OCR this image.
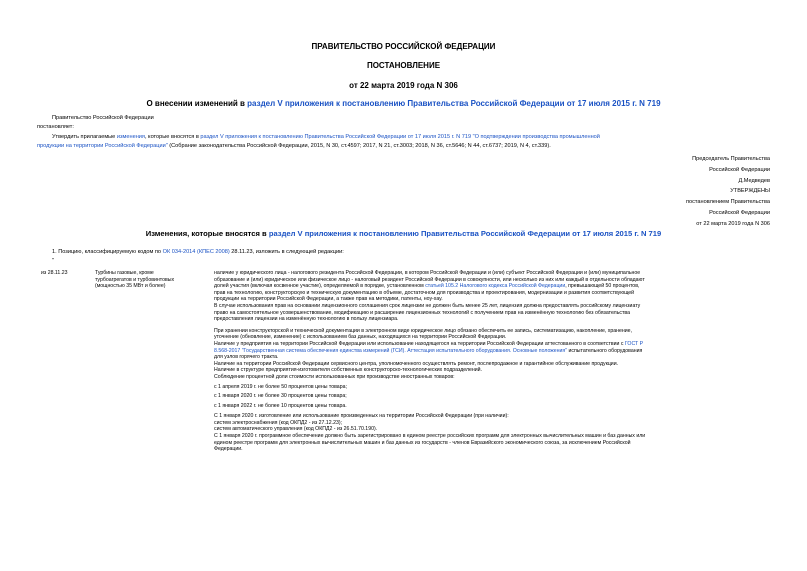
ПРАВИТЕЛЬСТВО РОССИЙСКОЙ ФЕДЕРАЦИИ
ПОСТАНОВЛЕНИЕ
от 22 марта 2019 года N 306
О внесении изменений в раздел V приложения к постановлению Правительства Российской Федерации от 17 июля 2015 г. N 719
Правительство Российской Федерации
постановляет:
Утвердить прилагаемые изменения, которые вносятся в раздел V приложения к постановлению Правительства Российской Федерации от 17 июля 2015 г. N 719 "О подтверждении производства промышленной
продукции на территории Российской Федерации" (Собрание законодательства Российской Федерации, 2015, N 30, ст.4597; 2017, N 21, ст.3003; 2018, N 36, ст.5646; N 44, ст.6737; 2019, N 4, ст.339).
Председатель Правительства
Российской Федерации
Д.Медведев
УТВЕРЖДЕНЫ
постановлением Правительства
Российской Федерации
от 22 марта 2019 года N 306
Изменения, которые вносятся в раздел V приложения к постановлению Правительства Российской Федерации от 17 июля 2015 г. N 719
1. Позицию, классифицируемую кодом по ОК 034-2014 (КПЕС 2008) 28.11.23, изложить в следующей редакции:
"
из 28.11.23	Турбины газовые, кроме
турбоагрегатов и турбовинтовых
(мощностью 35 МВт и более)
наличие у юридического лица - налогового резидента Российской Федерации, в котором Российской Федерации и (или) субъект Российской Федерации и (или) муниципальное
образование и (или) юридическое или физическое лицо - налоговый резидент Российской Федерации в совокупности, или несколько из них или каждый в отдельности обладают
долей участия (включая косвенное участие), определяемой в порядке, установленном статьей 105.2 Налогового кодекса Российской Федерации, превышающей 50 процентов,
прав на технологию, конструкторскую и техническую документацию в объеме, достаточном для производства и проектирования, модернизации и развития соответствующей
продукции на территории Российской Федерации, а также прав на методики, патенты, ноу-хау.
В случае использования прав на основании лицензионного соглашения срок лицензии не должен быть менее 25 лет, лицензия должна предоставлять российскому лицензиату
право на самостоятельное усовершенствование, модификацию и расширение лицензионных технологий с получением прав на изменённую технологию без обязательства
предоставления лицензии на изменённую технологию в пользу лицензиара.
При хранении конструкторской и технической документации в электронном виде юридическое лицо обязано обеспечить ее запись, систематизацию, накопление, хранение,
уточнение (обновление, изменение) с использованием баз данных, находящихся на территории Российской Федерации.
Наличие у предприятия на территории Российской Федерации или использование находящегося на территории Российской Федерации аттестованного в соответствии с ГОСТ Р
8.568-2017 "Государственная система обеспечения единства измерений (ГСИ). Аттестация испытательного оборудования. Основные положения" испытательного оборудования
для узлов горячего тракта.
Наличие на территории Российской Федерации сервисного центра, уполномоченного осуществлять ремонт, послепродажное и гарантийное обслуживание продукции.
Наличие в структуре предприятия-изготовителя собственных конструкторско-технологических подразделений.
Соблюдение процентной доли стоимости использованных при производстве иностранных товаров:
с 1 апреля 2019 г. не более 50 процентов цены товара;
с 1 января 2020 г. не более 30 процентов цены товара;
с 1 января 2022 г. не более 10 процентов цены товара.
С 1 января 2020 г. изготовление или использование произведенных на территории Российской Федерации (при наличии):
систем электроснабжения (код ОКПД2 - из 27.12.23);
систем автоматического управления (код ОКПД2 - из 26.51.70.190).
С 1 января 2020 г. программное обеспечение должно быть зарегистрировано в едином реестре российских программ для электронных вычислительных машин и баз данных или
едином реестре программ для электронных вычислительных машин и баз данных из государств - членов Евразийского экономического союза, за исключением Российской
Федерации.
